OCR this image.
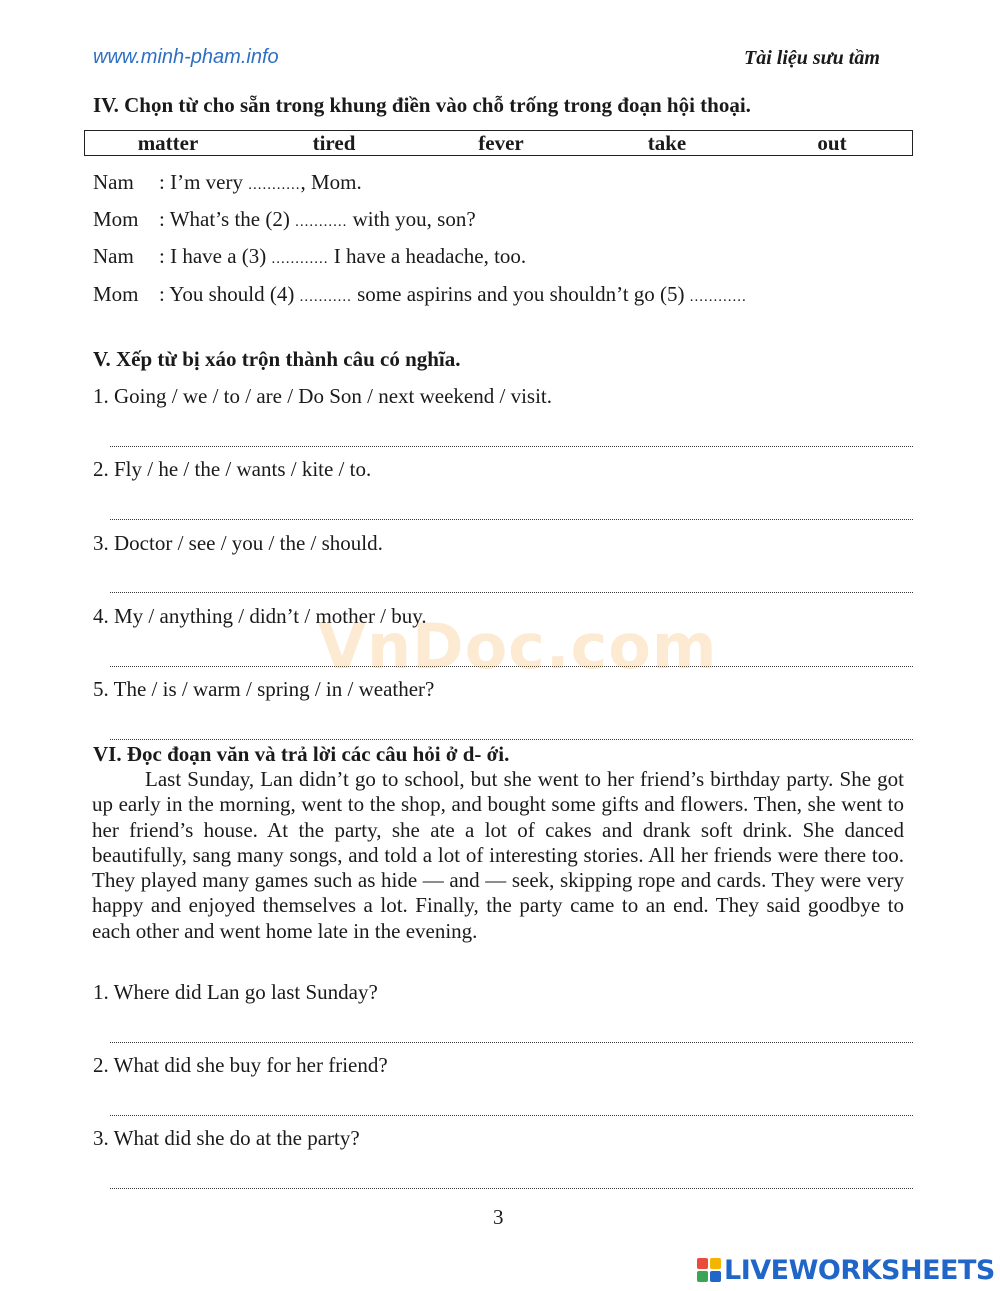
www.minh-pham.info	Tài liệu sưu tầm
IV. Chọn từ cho sẵn trong khung điền vào chỗ trống trong đoạn hội thoại.
matter	tired	fever	take	out
Nam : I’m very ..........., Mom.
Mom : What’s the (2) ........... with you, son?
Nam : I have a (3) ............ I have a headache, too.
Mom : You should (4) ........... some aspirins and you shouldn’t go (5) ............
V. Xếp từ bị xáo trộn thành câu có nghĩa.
1. Going / we / to / are / Do Son / next weekend / visit.
2. Fly / he / the / wants / kite / to.
3. Doctor / see / you / the / should.
4. My / anything / didn’t / mother / buy.
5. The / is / warm / spring / in / weather?
VnDoc.com
VI. Đọc đoạn văn và trả lời các câu hỏi ở d- ới.

Last Sunday, Lan didn’t go to school, but she went to her friend’s birthday party. She got up early in the morning, went to the shop, and bought some gifts and flowers. Then, she went to her friend’s house. At the party, she ate a lot of cakes and drank soft drink. She danced beautifully, sang many songs, and told a lot of interesting stories. All her friends were there too. They played many games such as hide — and — seek, skipping rope and cards. They were very happy and enjoyed themselves a lot. Finally, the party came to an end. They said goodbye to each other and went home late in the evening.

1. Where did Lan go last Sunday?
2. What did she buy for her friend?
3. What did she do at the party?
3
LIVEWORKSHEETS
